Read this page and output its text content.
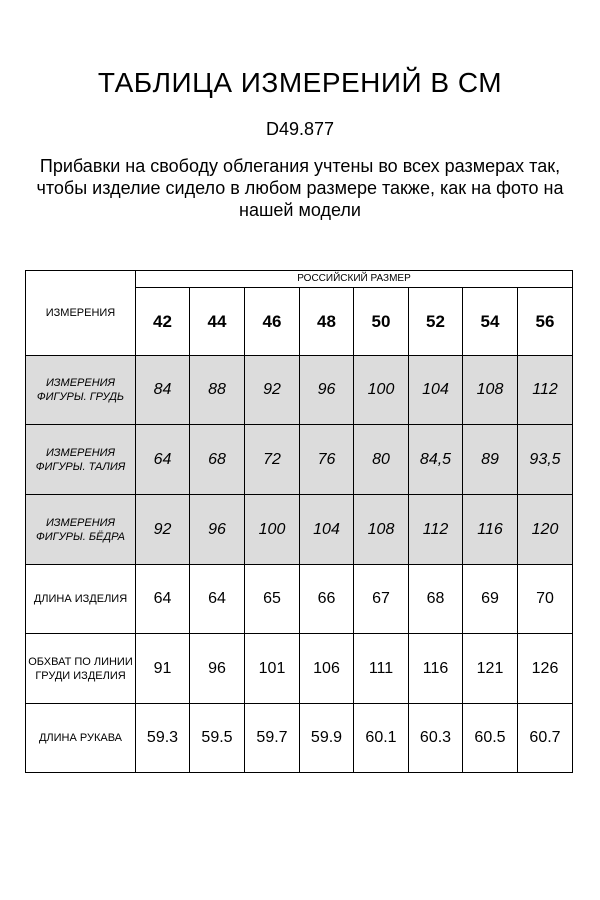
ТАБЛИЦА ИЗМЕРЕНИЙ В СМ
D49.877
Прибавки на свободу облегания учтены во всех размерах так, чтобы изделие сидело в любом размере также, как на фото на нашей модели
ИЗМЕРЕНИЯ	РОССИЙСКИЙ РАЗМЕР							
	42	44	46	48	50	52	54	56
ИЗМЕРЕНИЯ ФИГУРЫ. ГРУДЬ	84	88	92	96	100	104	108	112
ИЗМЕРЕНИЯ ФИГУРЫ. ТАЛИЯ	64	68	72	76	80	84,5	89	93,5
ИЗМЕРЕНИЯ ФИГУРЫ. БЁДРА	92	96	100	104	108	112	116	120
ДЛИНА ИЗДЕЛИЯ	64	64	65	66	67	68	69	70
ОБХВАТ ПО ЛИНИИ ГРУДИ ИЗДЕЛИЯ	91	96	101	106	111	116	121	126
ДЛИНА РУКАВА	59.3	59.5	59.7	59.9	60.1	60.3	60.5	60.7
